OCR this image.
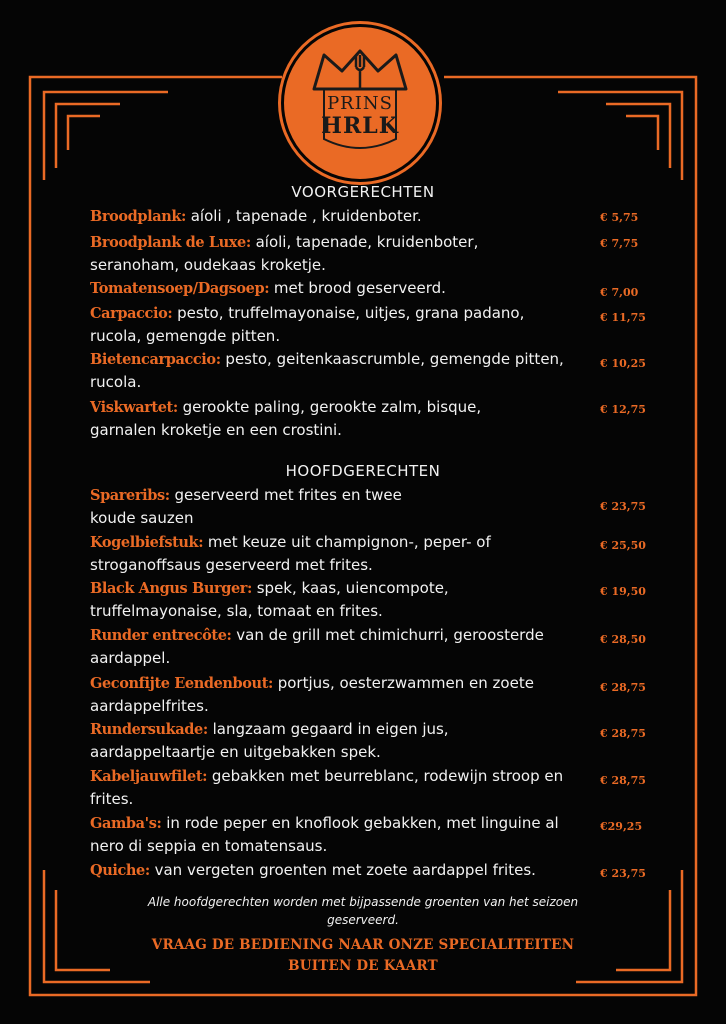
PRINS
HRLK
VOORGERECHTEN
Broodplank: aíoli , tapenade , kruidenboter.	€ 5,75
Broodplank de Luxe: aíoli, tapenade, kruidenboter,
seranoham, oudekaas kroketje.
€ 7,75
Tomatensoep/Dagsoep: met brood geserveerd.	€ 7,00
Carpaccio: pesto, truffelmayonaise, uitjes, grana padano,
rucola, gemengde pitten.
€ 11,75
Bietencarpaccio: pesto, geitenkaascrumble, gemengde pitten,
rucola.
€ 10,25
Viskwartet: gerookte paling, gerookte zalm, bisque,
garnalen kroketje en een crostini.
€ 12,75
HOOFDGERECHTEN
Spareribs: geserveerd met frites en twee
koude sauzen
€ 23,75
Kogelbiefstuk: met keuze uit champignon-, peper- of
stroganoffsaus geserveerd met frites.
€ 25,50
Black Angus Burger: spek, kaas, uiencompote,
truffelmayonaise, sla, tomaat en frites.
€ 19,50
Runder entrecôte: van de grill met chimichurri, geroosterde
aardappel.
€ 28,50
Geconfijte Eendenbout: portjus, oesterzwammen en zoete
aardappelfrites.
€ 28,75
Rundersukade: langzaam gegaard in eigen jus,
aardappeltaartje en uitgebakken spek.
€ 28,75
Kabeljauwfilet: gebakken met beurreblanc, rodewijn stroop en
frites.
€ 28,75
Gamba's: in rode peper en knoflook gebakken, met linguine al
nero di seppia en tomatensaus.
€29,25
Quiche: van vergeten groenten met zoete aardappel frites.	€ 23,75
Alle hoofdgerechten worden met bijpassende groenten van het seizoen geserveerd.
VRAAG DE BEDIENING NAAR ONZE SPECIALITEITEN
BUITEN DE KAART
